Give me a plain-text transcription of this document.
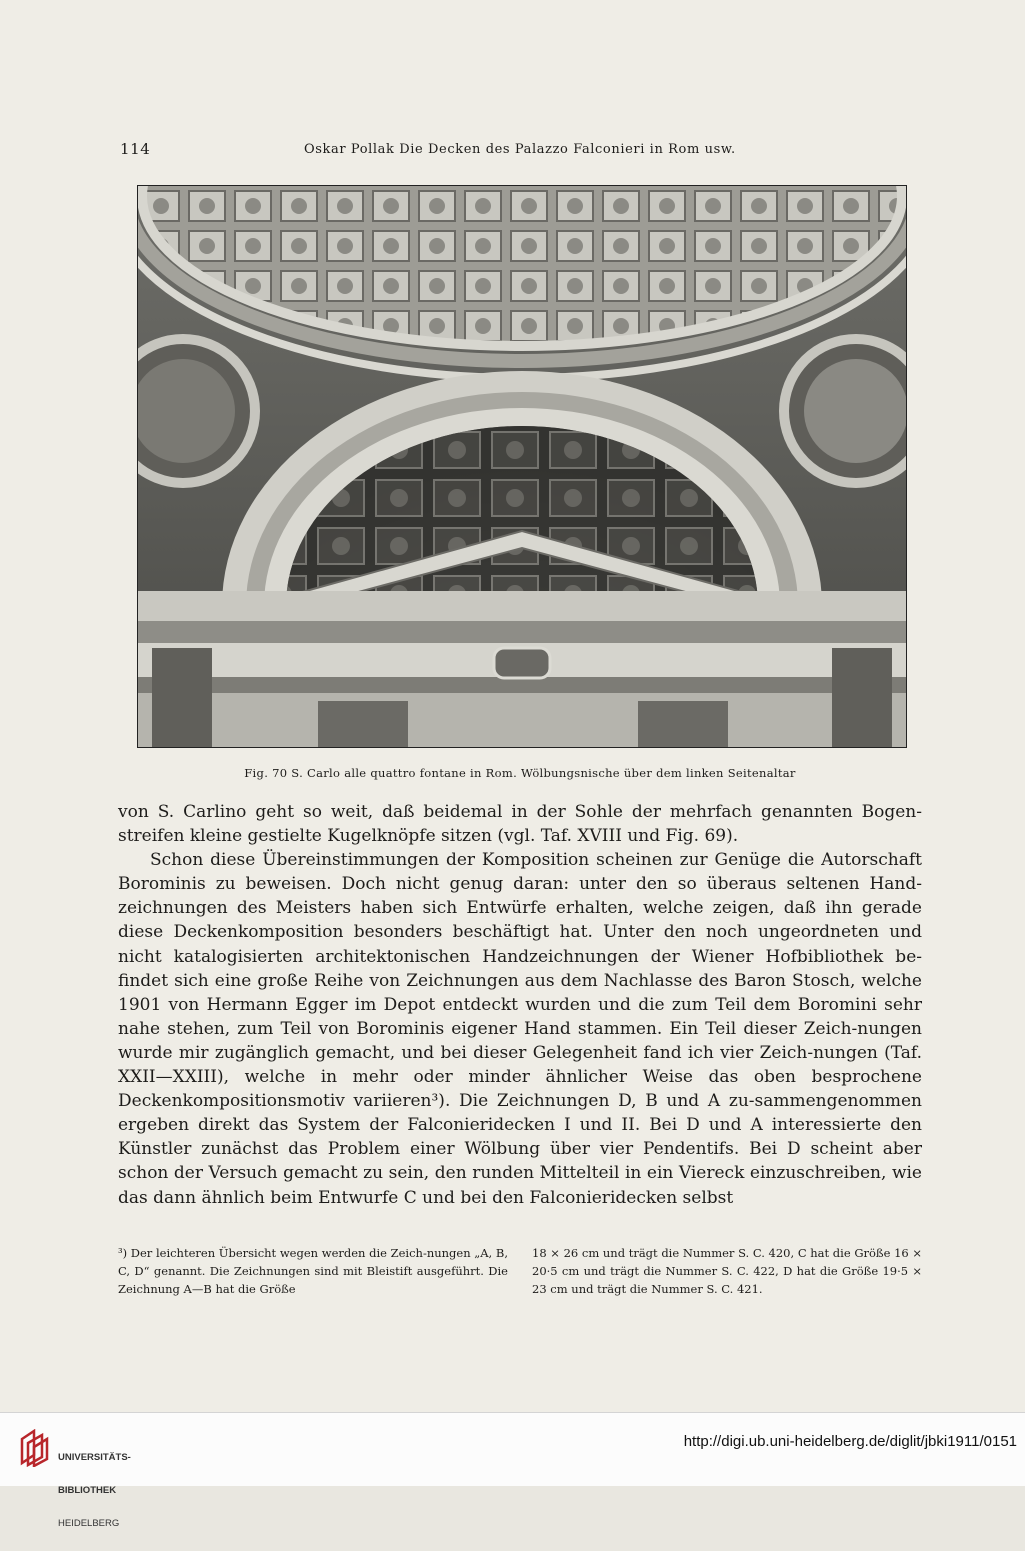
114	Oskar Pollak Die Decken des Palazzo Falconieri in Rom usw.
Fig. 70 S. Carlo alle quattro fontane in Rom. Wölbungsnische über dem linken Seitenaltar

von S. Carlino geht so weit, daß beidemal in der Sohle der mehrfach genannten Bogen-streifen kleine gestielte Kugelknöpfe sitzen (vgl. Taf. XVIII und Fig. 69).

Schon diese Übereinstimmungen der Komposition scheinen zur Genüge die Autorschaft Borominis zu beweisen. Doch nicht genug daran: unter den so überaus seltenen Hand-zeichnungen des Meisters haben sich Entwürfe erhalten, welche zeigen, daß ihn gerade diese Deckenkomposition besonders beschäftigt hat. Unter den noch ungeordneten und nicht katalogisierten architektonischen Handzeichnungen der Wiener Hofbibliothek be-findet sich eine große Reihe von Zeichnungen aus dem Nachlasse des Baron Stosch, welche 1901 von Hermann Egger im Depot entdeckt wurden und die zum Teil dem Boromini sehr nahe stehen, zum Teil von Borominis eigener Hand stammen. Ein Teil dieser Zeich-nungen wurde mir zugänglich gemacht, und bei dieser Gelegenheit fand ich vier Zeich-nungen (Taf. XXII—XXIII), welche in mehr oder minder ähnlicher Weise das oben besprochene Deckenkompositionsmotiv variieren³). Die Zeichnungen D, B und A zu-sammengenommen ergeben direkt das System der Falconieridecken I und II. Bei D und A interessierte den Künstler zunächst das Problem einer Wölbung über vier Pendentifs. Bei D scheint aber schon der Versuch gemacht zu sein, den runden Mittelteil in ein Viereck einzuschreiben, wie das dann ähnlich beim Entwurfe C und bei den Falconieridecken selbst

³) Der leichteren Übersicht wegen werden die Zeich-nungen „A, B, C, D“ genannt. Die Zeichnungen sind mit Bleistift ausgeführt. Die Zeichnung A—B hat die Größe
18 × 26 cm und trägt die Nummer S. C. 420, C hat die Größe 16 × 20·5 cm und trägt die Nummer S. C. 422, D hat die Größe 19·5 × 23 cm und trägt die Nummer S. C. 421.

UNIVERSITÄTS-

BIBLIOTHEK

HEIDELBERG

http://digi.ub.uni-heidelberg.de/diglit/jbki1911/0151
